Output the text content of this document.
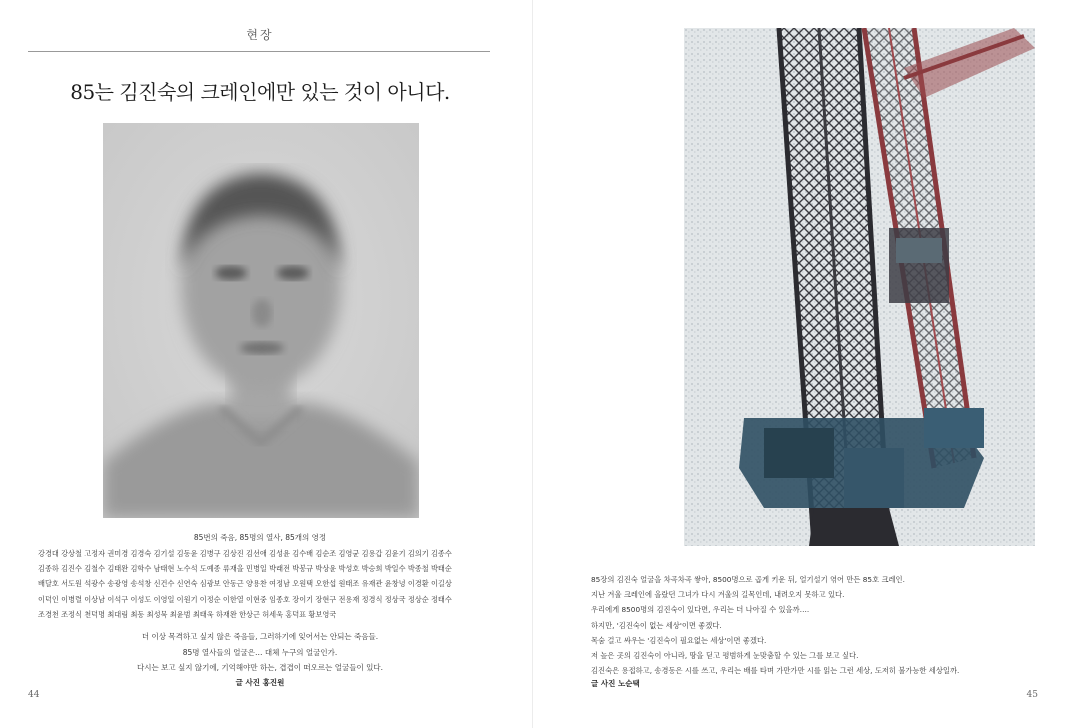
현장
85는 김진숙의 크레인에만 있는 것이 아니다.
85번의 죽음, 85명의 열사, 85개의 영정
강경대 강상철 고정자 권미경 김경숙 김기설 김동윤 김병구 김상진 김선애 김성윤 김수배 김순조 김영균 김용갑 김윤기 김의기 김종수
김종하 김진수 김철수 김태완 김학수 남태현 노수석 도예종 류재을 민병일 박래전 박봉규 박상윤 박성호 박승희 박일수 박종철 박태순
배달호 서도원 석광수 송광영 송석창 신건수 신연숙 심광보 안동근 양용찬 여정남 오원택 오한섭 원태조 유재관 윤창녕 이경환 이길상
이덕인 이병렬 이상남 이석구 이성도 이영일 이원기 이정순 이한열 이현중 임종호 장이기 장현구 전용재 정경식 정상국 정상순 정태수
조경천 조정식 천덕명 최대림 최동 최성묵 최윤범 최태욱 하재완 한상근 허세욱 홍덕표 황보영국
더 이상 목격하고 싶지 않은 죽음들, 그러하기에 잊어서는 안되는 죽음들.
85명 열사들의 얼굴은… 대체 누구의 얼굴인가.
다시는 보고 싶지 않기에, 기억해야만 하는, 겹겹이 떠오르는 얼굴들이 있다.
글 사진 홍진원
44
85장의 김진숙 얼굴을 차곡차곡 쌓아, 8500명으로 곱게 키운 뒤, 얼기설기 엮어 만든 85호 크레인.
지난 겨울 크레인에 올랐던 그녀가 다시 겨울의 길목인데, 내려오지 못하고 있다.
우리에게 8500명의 김진숙이 있다면, 우리는 더 나아질 수 있을까….
하지만, '김진숙이 없는 세상'이면 좋겠다.
목숨 걸고 싸우는 '김진숙이 필요없는 세상'이면 좋겠다.
저 높은 곳의 김진숙이 아니라, 땅을 딛고 평범하게 눈맞춤할 수 있는 그를 보고 싶다.
김진숙은 용접하고, 송경동은 시를 쓰고, 우리는 배를 타며 가만가만 시를 읽는 그런 세상, 도저히 불가능한 세상일까.
글 사진 노순택
45
